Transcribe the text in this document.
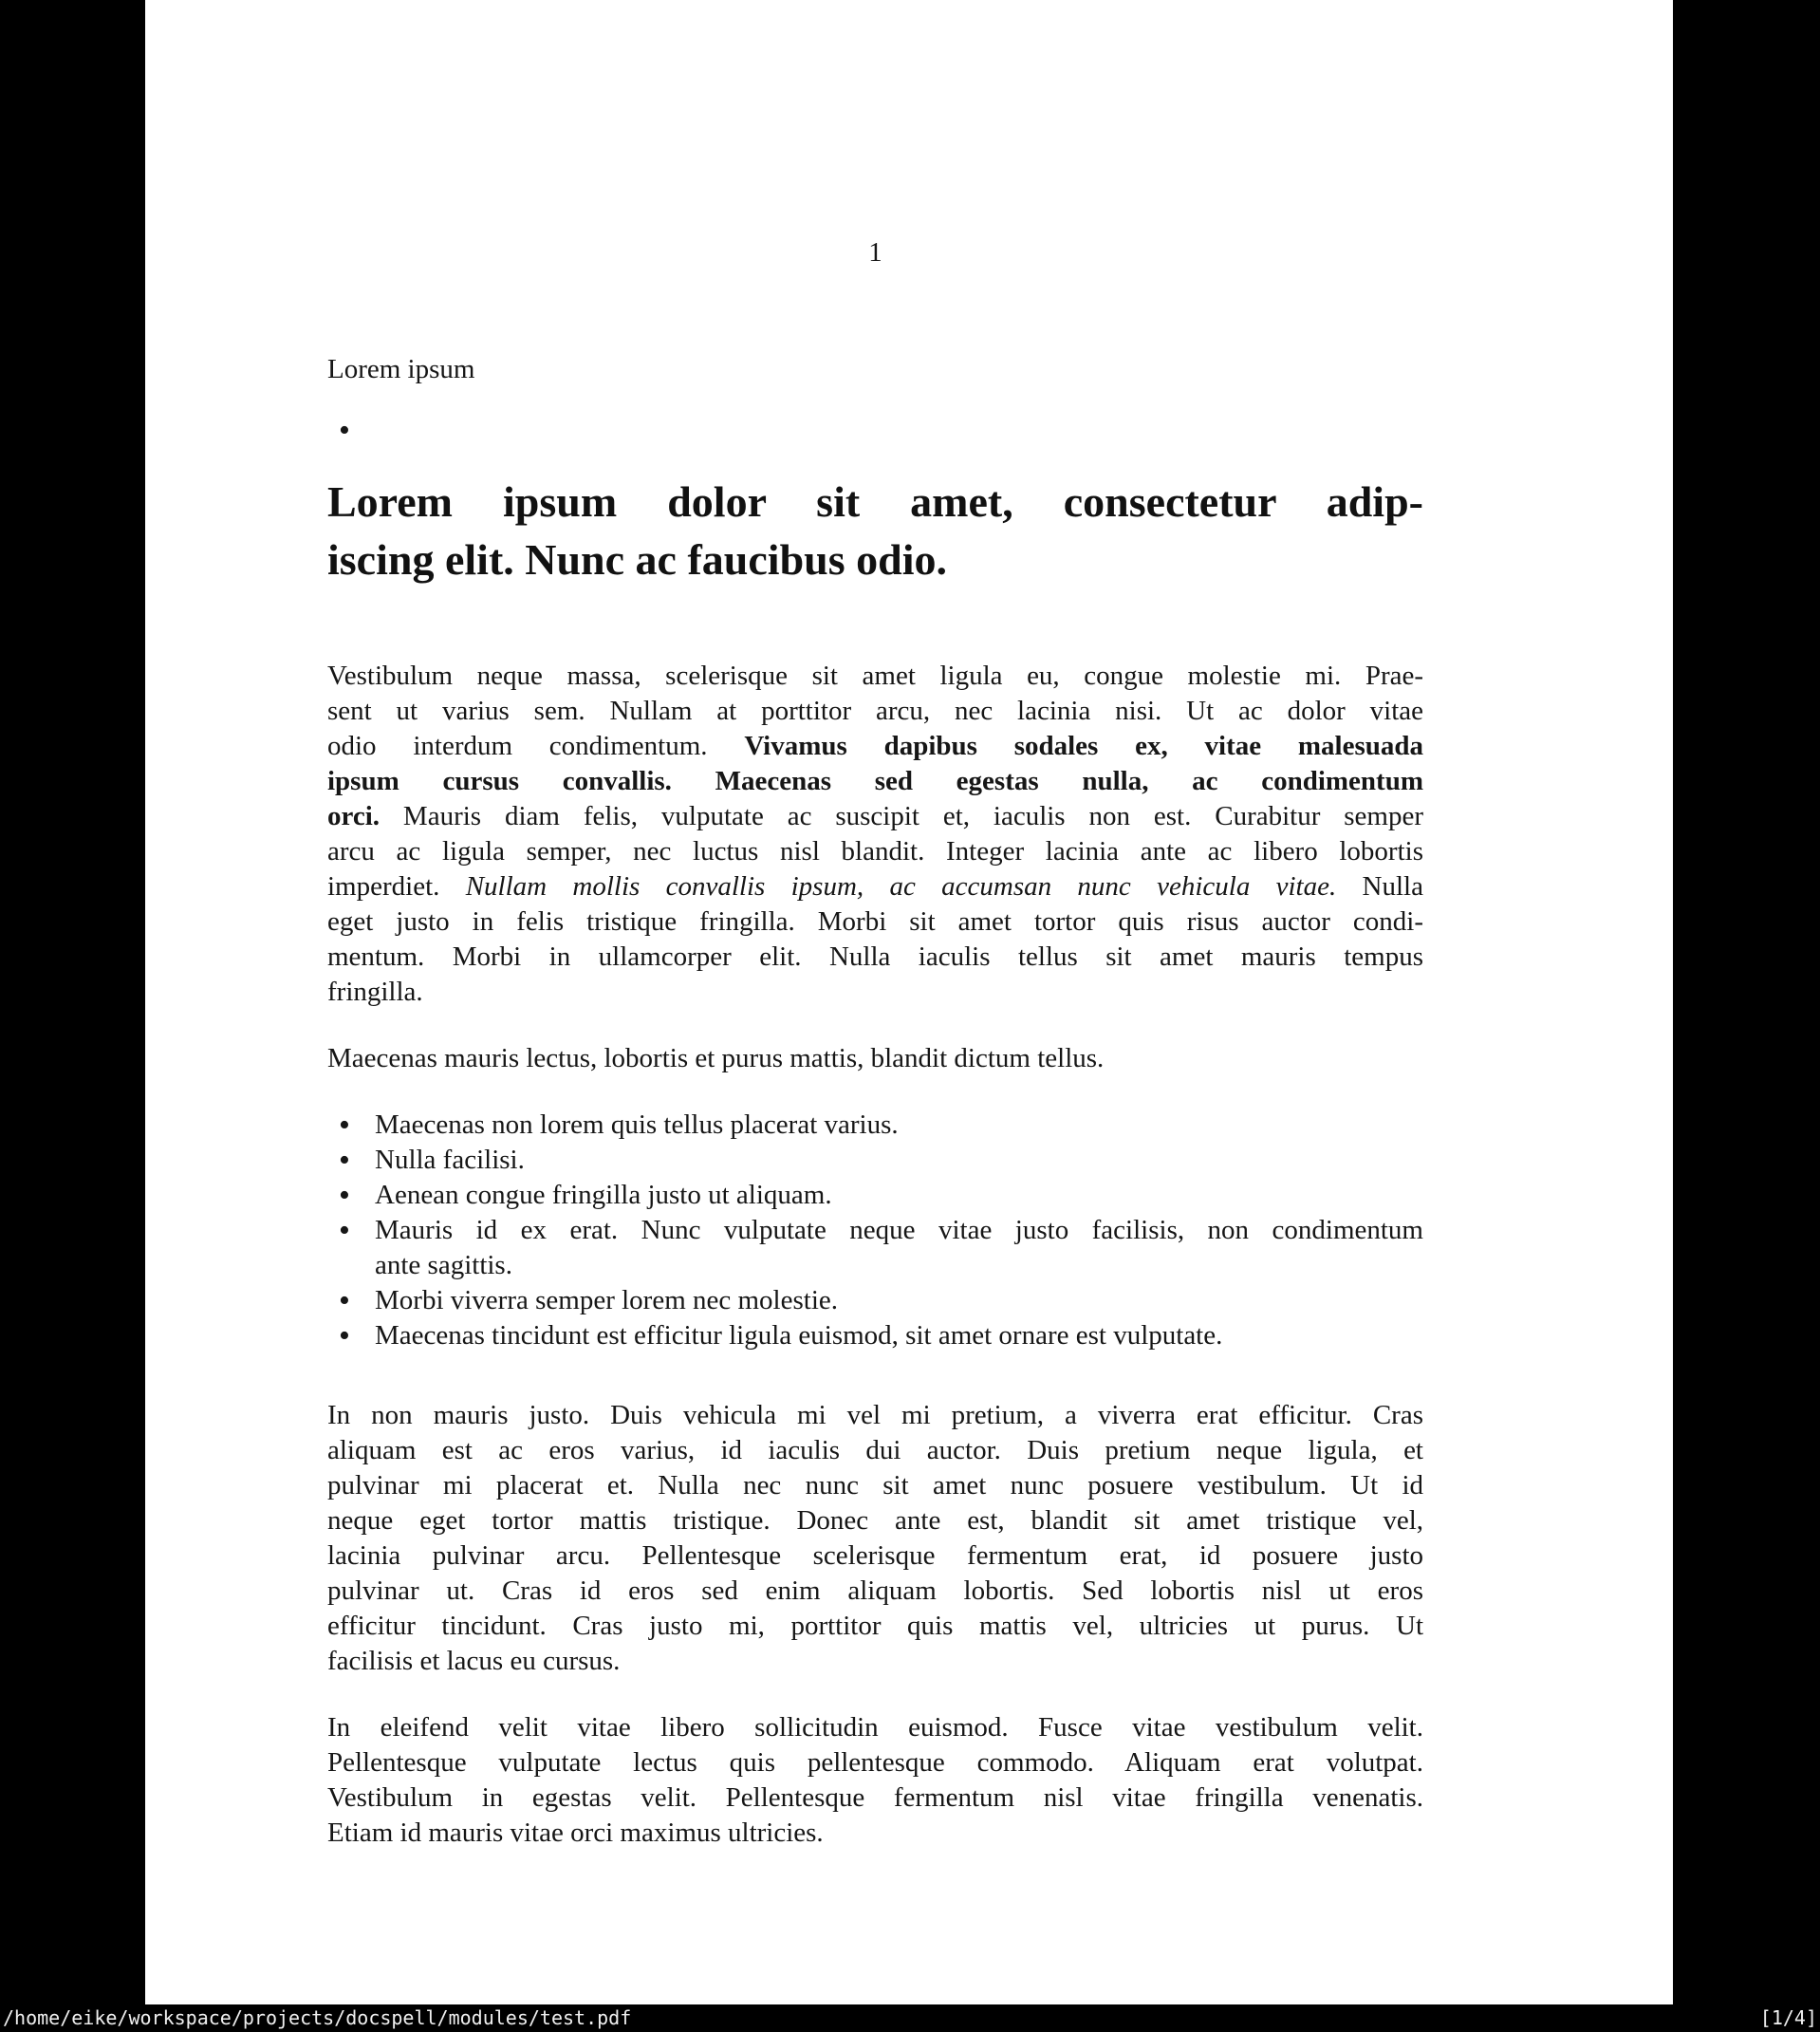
1

Lorem ipsum

•
Lorem ipsum dolor sit amet, consectetur adip-
iscing elit. Nunc ac faucibus odio.

Vestibulum neque massa, scelerisque sit amet ligula eu, congue molestie mi. Prae-
sent ut varius sem. Nullam at porttitor arcu, nec lacinia nisi. Ut ac dolor vitae
odio interdum condimentum. Vivamus dapibus sodales ex, vitae malesuada
ipsum cursus convallis. Maecenas sed egestas nulla, ac condimentum
orci. Mauris diam felis, vulputate ac suscipit et, iaculis non est. Curabitur semper
arcu ac ligula semper, nec luctus nisl blandit. Integer lacinia ante ac libero lobortis
imperdiet. Nullam mollis convallis ipsum, ac accumsan nunc vehicula vitae. Nulla
eget justo in felis tristique fringilla. Morbi sit amet tortor quis risus auctor condi-
mentum. Morbi in ullamcorper elit. Nulla iaculis tellus sit amet mauris tempus
fringilla.

Maecenas mauris lectus, lobortis et purus mattis, blandit dictum tellus.

• Maecenas non lorem quis tellus placerat varius.
• Nulla facilisi.
• Aenean congue fringilla justo ut aliquam.
• Mauris id ex erat. Nunc vulputate neque vitae justo facilisis, non condimentum
ante sagittis.
• Morbi viverra semper lorem nec molestie.
• Maecenas tincidunt est efficitur ligula euismod, sit amet ornare est vulputate.

In non mauris justo. Duis vehicula mi vel mi pretium, a viverra erat efficitur. Cras
aliquam est ac eros varius, id iaculis dui auctor. Duis pretium neque ligula, et
pulvinar mi placerat et. Nulla nec nunc sit amet nunc posuere vestibulum. Ut id
neque eget tortor mattis tristique. Donec ante est, blandit sit amet tristique vel,
lacinia pulvinar arcu. Pellentesque scelerisque fermentum erat, id posuere justo
pulvinar ut. Cras id eros sed enim aliquam lobortis. Sed lobortis nisl ut eros
efficitur tincidunt. Cras justo mi, porttitor quis mattis vel, ultricies ut purus. Ut
facilisis et lacus eu cursus.

In eleifend velit vitae libero sollicitudin euismod. Fusce vitae vestibulum velit.
Pellentesque vulputate lectus quis pellentesque commodo. Aliquam erat volutpat.
Vestibulum in egestas velit. Pellentesque fermentum nisl vitae fringilla venenatis.
Etiam id mauris vitae orci maximus ultricies.

/home/eike/workspace/projects/docspell/modules/test.pdf	[1/4]
